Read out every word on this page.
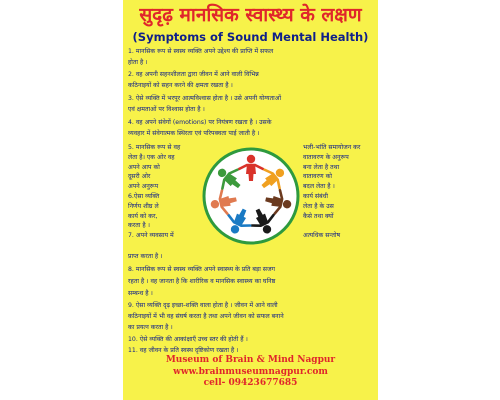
सुदृढ़ मानसिक स्वास्थ्य के लक्षण
(Symptoms of Sound Mental Health)
1. मानसिक रूप से स्वस्थ व्यक्ति अपने उद्देश्य की प्राप्ति में सफल
होता है ।
2. वह अपनी सहनशीलता द्वारा जीवन में आने वाली विभिन्न
कठिनाइयों को सहन करने की क्षमता रखता है ।
3. ऐसे व्यक्ति में भरपूर आत्मविश्वास होता है । उसे अपनी योग्यताओं
एवं क्षमताओं पर विश्वास होता है ।
4. वह अपने संवेगों (emotions) पर नियंत्रण रखता है । उसके
व्यवहार में संवेगात्मक स्थिरता एवं परिपक्वता पाई जाती है ।
5. मानसिक रूप से वह
लेता है। एक ओर वह
अपने आप को
दूसरी ओर
अपने अनुरूप
6.ऐसा व्यक्ति
निर्णय शीघ्र ले
कार्य को कर,
करता है ।
7. अपने व्यवसाय में
भली-भांति समायोजन कर
वातावरण के अनुरूप
बना लेता है तथा
वातावरण को
बदल लेता है ।
कार्य संबंधी
लेता है के उस
कैसे तथा क्यों

अत्यधिक सन्तोष
प्राप्त करता है ।
8. मानसिक रूप से स्वस्थ व्यक्ति अपने स्वास्थ्य के प्रति बड़ा सजग
रहता है । वह जानता है कि शारीरिक व मानसिक स्वास्थ्य का घनिष्ठ
सम्बन्ध है ।
9. ऐसा व्यक्ति दृढ़ इच्छा-शक्ति वाला होता है । जीवन में आने वाली
कठिनाइयों में भी वह संघर्ष करता है तथा अपने जीवन को सफल बनाने
का प्रयत्न करता है ।
10. ऐसे व्यक्ति की आकांक्षाएँ उच्च स्तर की होती हैं ।
11. वह जीवन के प्रति स्वस्थ दृष्टिकोण रखता है ।
Museum of Brain & Mind Nagpur
www.brainmuseumnagpur.com
cell- 09423677685
